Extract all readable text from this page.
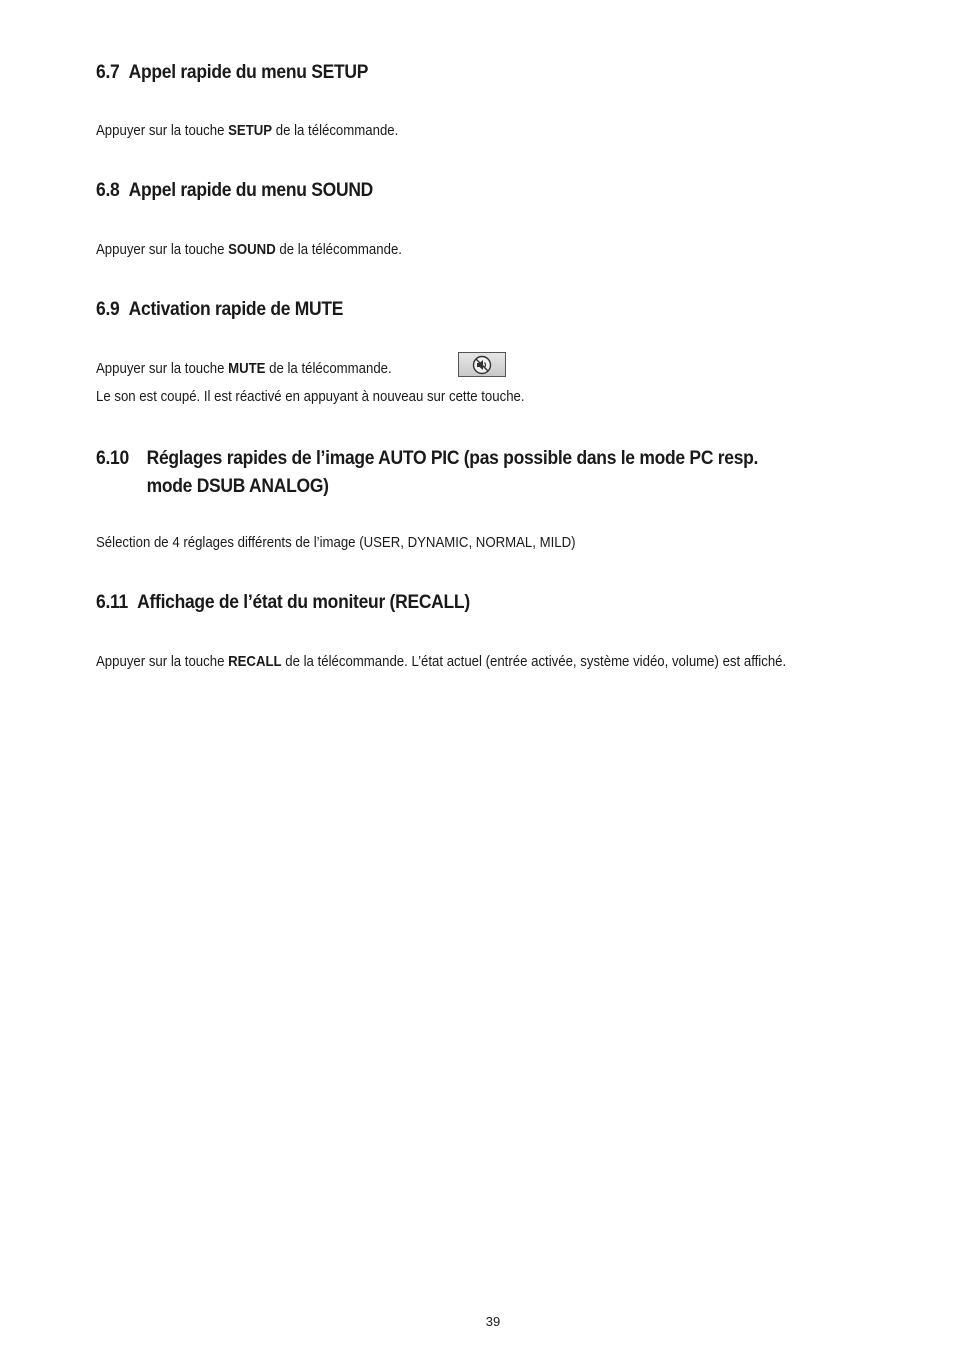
6.7 Appel rapide du menu SETUP
Appuyer sur la touche SETUP de la télécommande.
6.8 Appel rapide du menu SOUND
Appuyer sur la touche SOUND de la télécommande.
6.9 Activation rapide de MUTE
Appuyer sur la touche MUTE de la télécommande.
Le son est coupé. Il est réactivé en appuyant à nouveau sur cette touche.
6.10 Réglages rapides de l’image AUTO PIC (pas possible dans le mode PC resp.
mode DSUB ANALOG)
Sélection de 4 réglages différents de l’image (USER, DYNAMIC, NORMAL, MILD)
6.11 Affichage de l’état du moniteur (RECALL)
Appuyer sur la touche RECALL de la télécommande. L’état actuel (entrée activée, système vidéo, volume) est affiché.
39
